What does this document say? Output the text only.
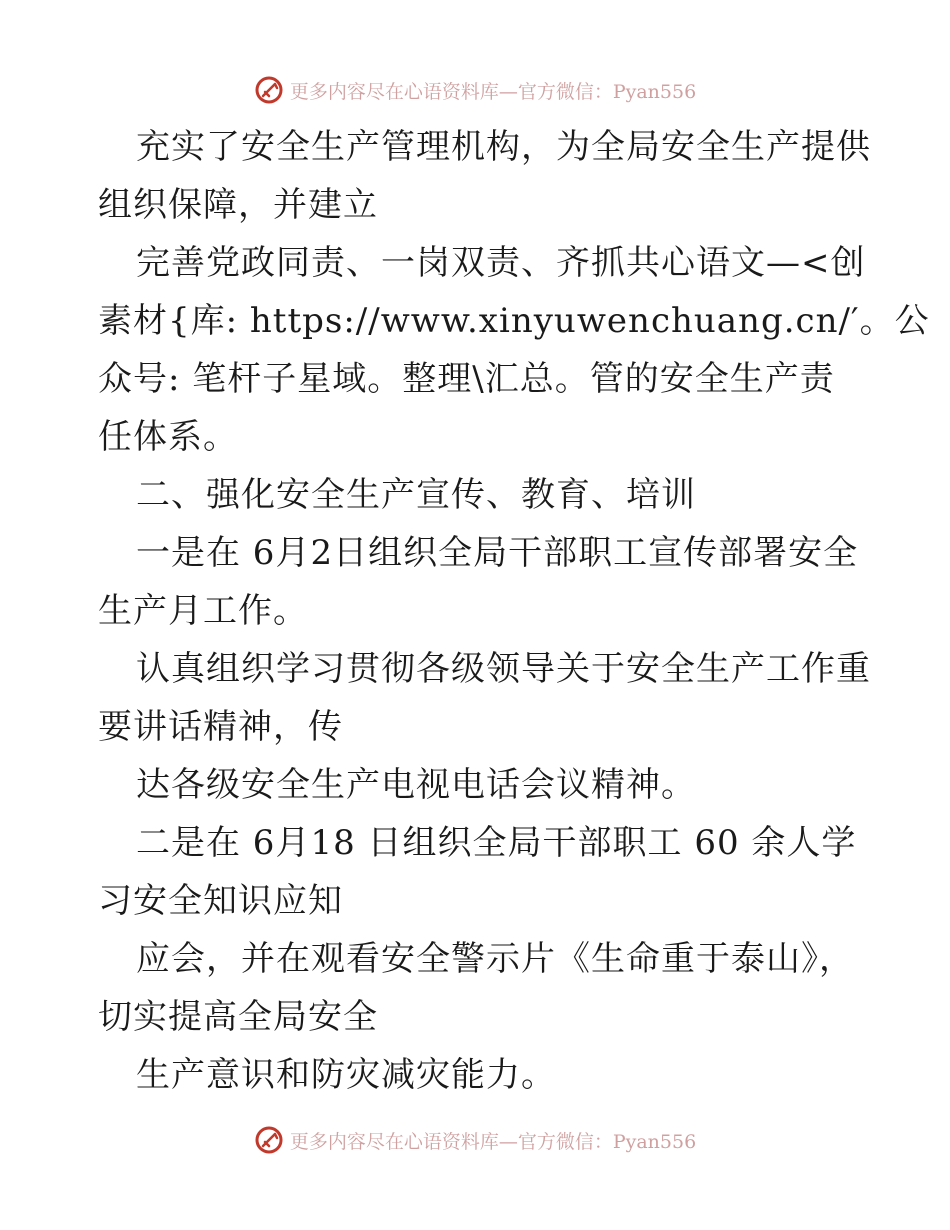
更多内容尽在心语资料库—官方微信：Pyan556
充实了安全生产管理机构，为全局安全生产提供
组织保障，并建立
完善党政同责、一岗双责、齐抓共心语文—<创
素材{库: https://www.xinyuwenchuang.cn/′。公
众号: 笔杆子星域。整理\汇总。管的安全生产责
任体系。
二、强化安全生产宣传、教育、培训
一是在 6月2日组织全局干部职工宣传部署安全
生产月工作。
认真组织学习贯彻各级领导关于安全生产工作重
要讲话精神，传
达各级安全生产电视电话会议精神。
二是在 6月18 日组织全局干部职工 60 余人学
习安全知识应知
应会，并在观看安全警示片《生命重于泰山》，
切实提高全局安全
生产意识和防灾减灾能力。
更多内容尽在心语资料库—官方微信：Pyan556
